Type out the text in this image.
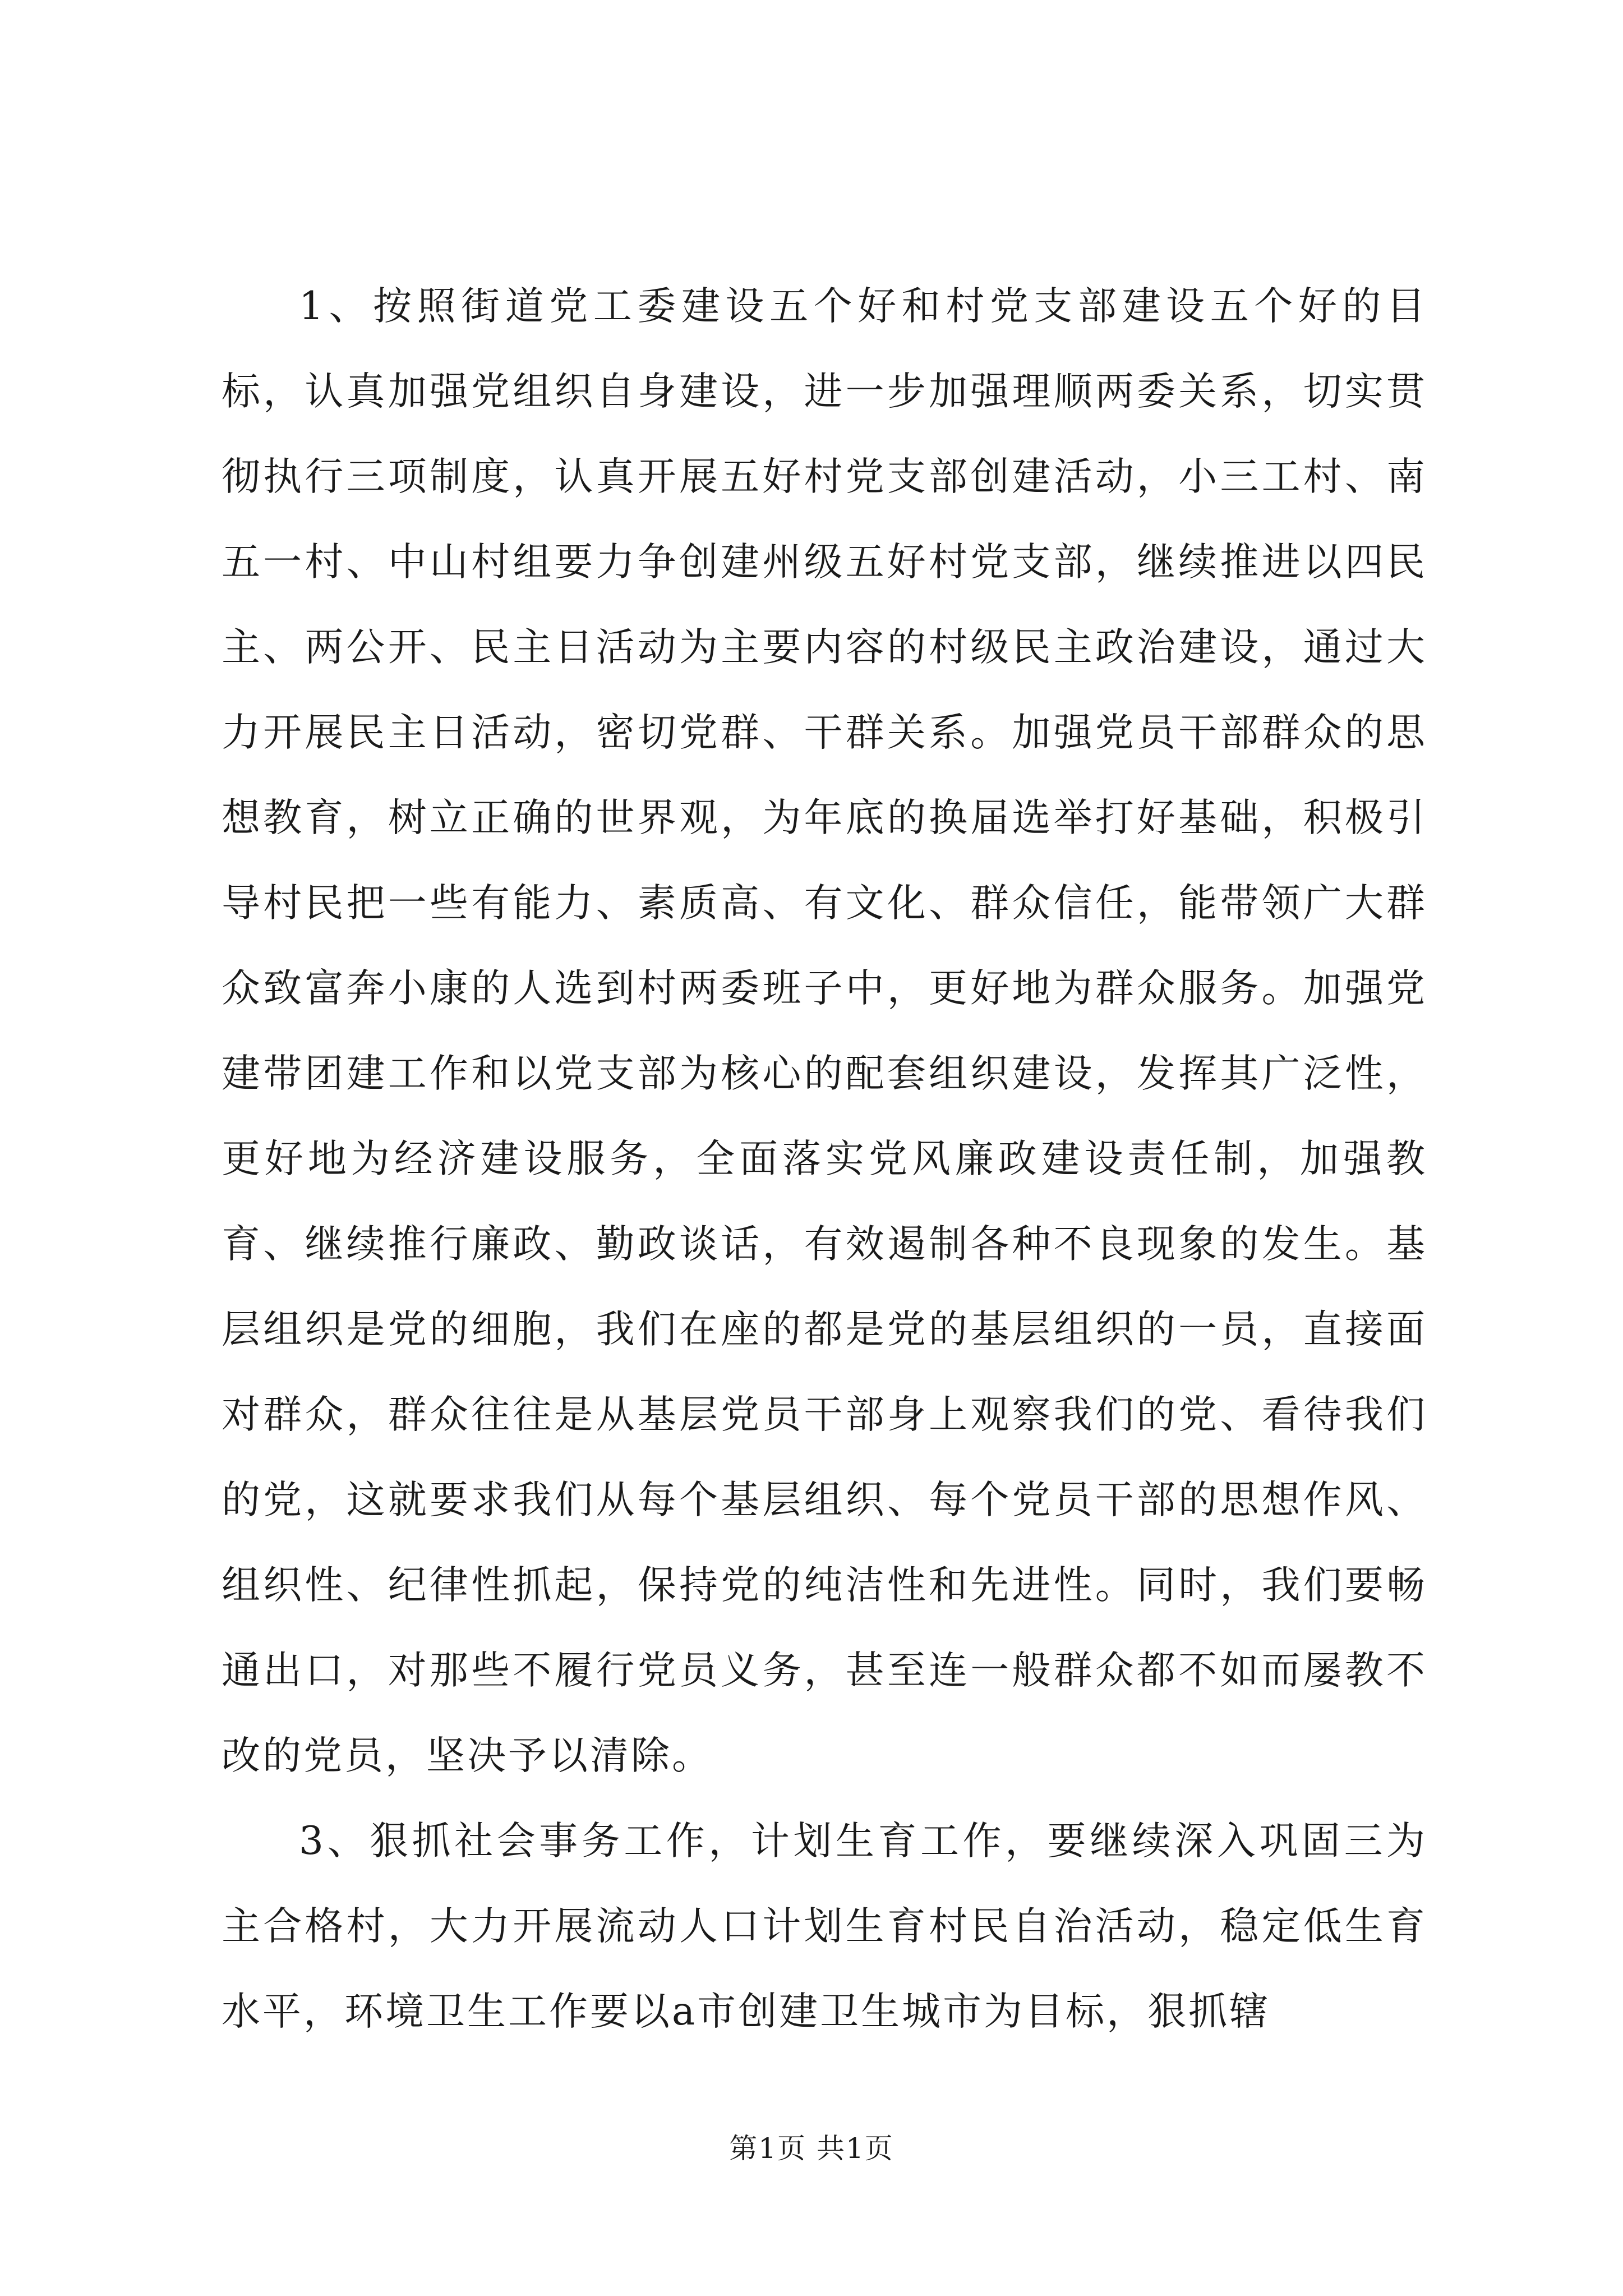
1、按照街道党工委建设五个好和村党支部建设五个好的目标，认真加强党组织自身建设，进一步加强理顺两委关系，切实贯彻执行三项制度，认真开展五好村党支部创建活动，小三工村、南五一村、中山村组要力争创建州级五好村党支部，继续推进以四民主、两公开、民主日活动为主要内容的村级民主政治建设，通过大力开展民主日活动，密切党群、干群关系。加强党员干部群众的思想教育，树立正确的世界观，为年底的换届选举打好基础，积极引导村民把一些有能力、素质高、有文化、群众信任，能带领广大群众致富奔小康的人选到村两委班子中，更好地为群众服务。加强党建带团建工作和以党支部为核心的配套组织建设，发挥其广泛性，更好地为经济建设服务，全面落实党风廉政建设责任制，加强教育、继续推行廉政、勤政谈话，有效遏制各种不良现象的发生。基层组织是党的细胞，我们在座的都是党的基层组织的一员，直接面对群众，群众往往是从基层党员干部身上观察我们的党、看待我们的党，这就要求我们从每个基层组织、每个党员干部的思想作风、组织性、纪律性抓起，保持党的纯洁性和先进性。同时，我们要畅通出口，对那些不履行党员义务，甚至连一般群众都不如而屡教不改的党员，坚决予以清除。

3、狠抓社会事务工作，计划生育工作，要继续深入巩固三为主合格村，大力开展流动人口计划生育村民自治活动，稳定低生育水平，环境卫生工作要以a市创建卫生城市为目标，狠抓辖

第1页 共1页
